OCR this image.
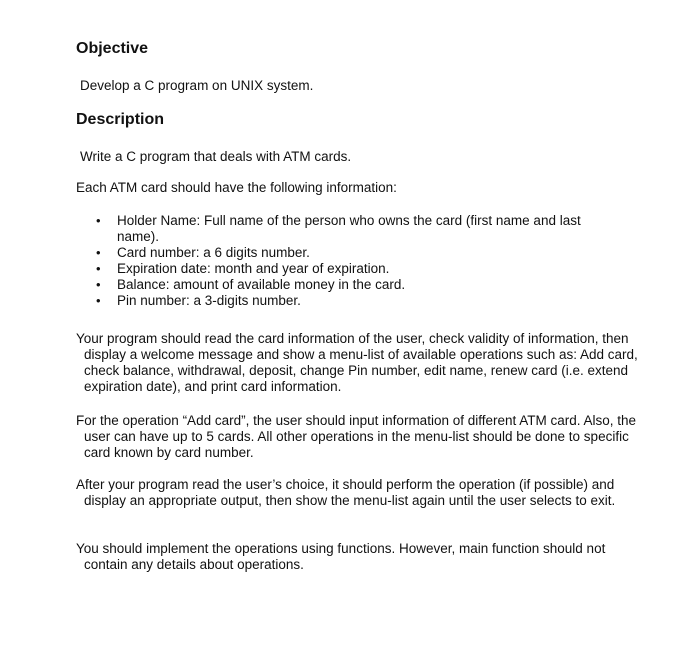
Objective

Develop a C program on UNIX system.

Description

Write a C program that deals with ATM cards.

Each ATM card should have the following information:

• Holder Name: Full name of the person who owns the card (first name and last name).
• Card number: a 6 digits number.
• Expiration date: month and year of expiration.
• Balance: amount of available money in the card.
• Pin number: a 3-digits number.

Your program should read the card information of the user, check validity of information, then display a welcome message and show a menu-list of available operations such as: Add card, check balance, withdrawal, deposit, change Pin number, edit name, renew card (i.e. extend expiration date), and print card information.

For the operation “Add card”, the user should input information of different ATM card. Also, the user can have up to 5 cards. All other operations in the menu-list should be done to specific card known by card number.

After your program read the user’s choice, it should perform the operation (if possible) and display an appropriate output, then show the menu-list again until the user selects to exit.

You should implement the operations using functions. However, main function should not contain any details about operations.
